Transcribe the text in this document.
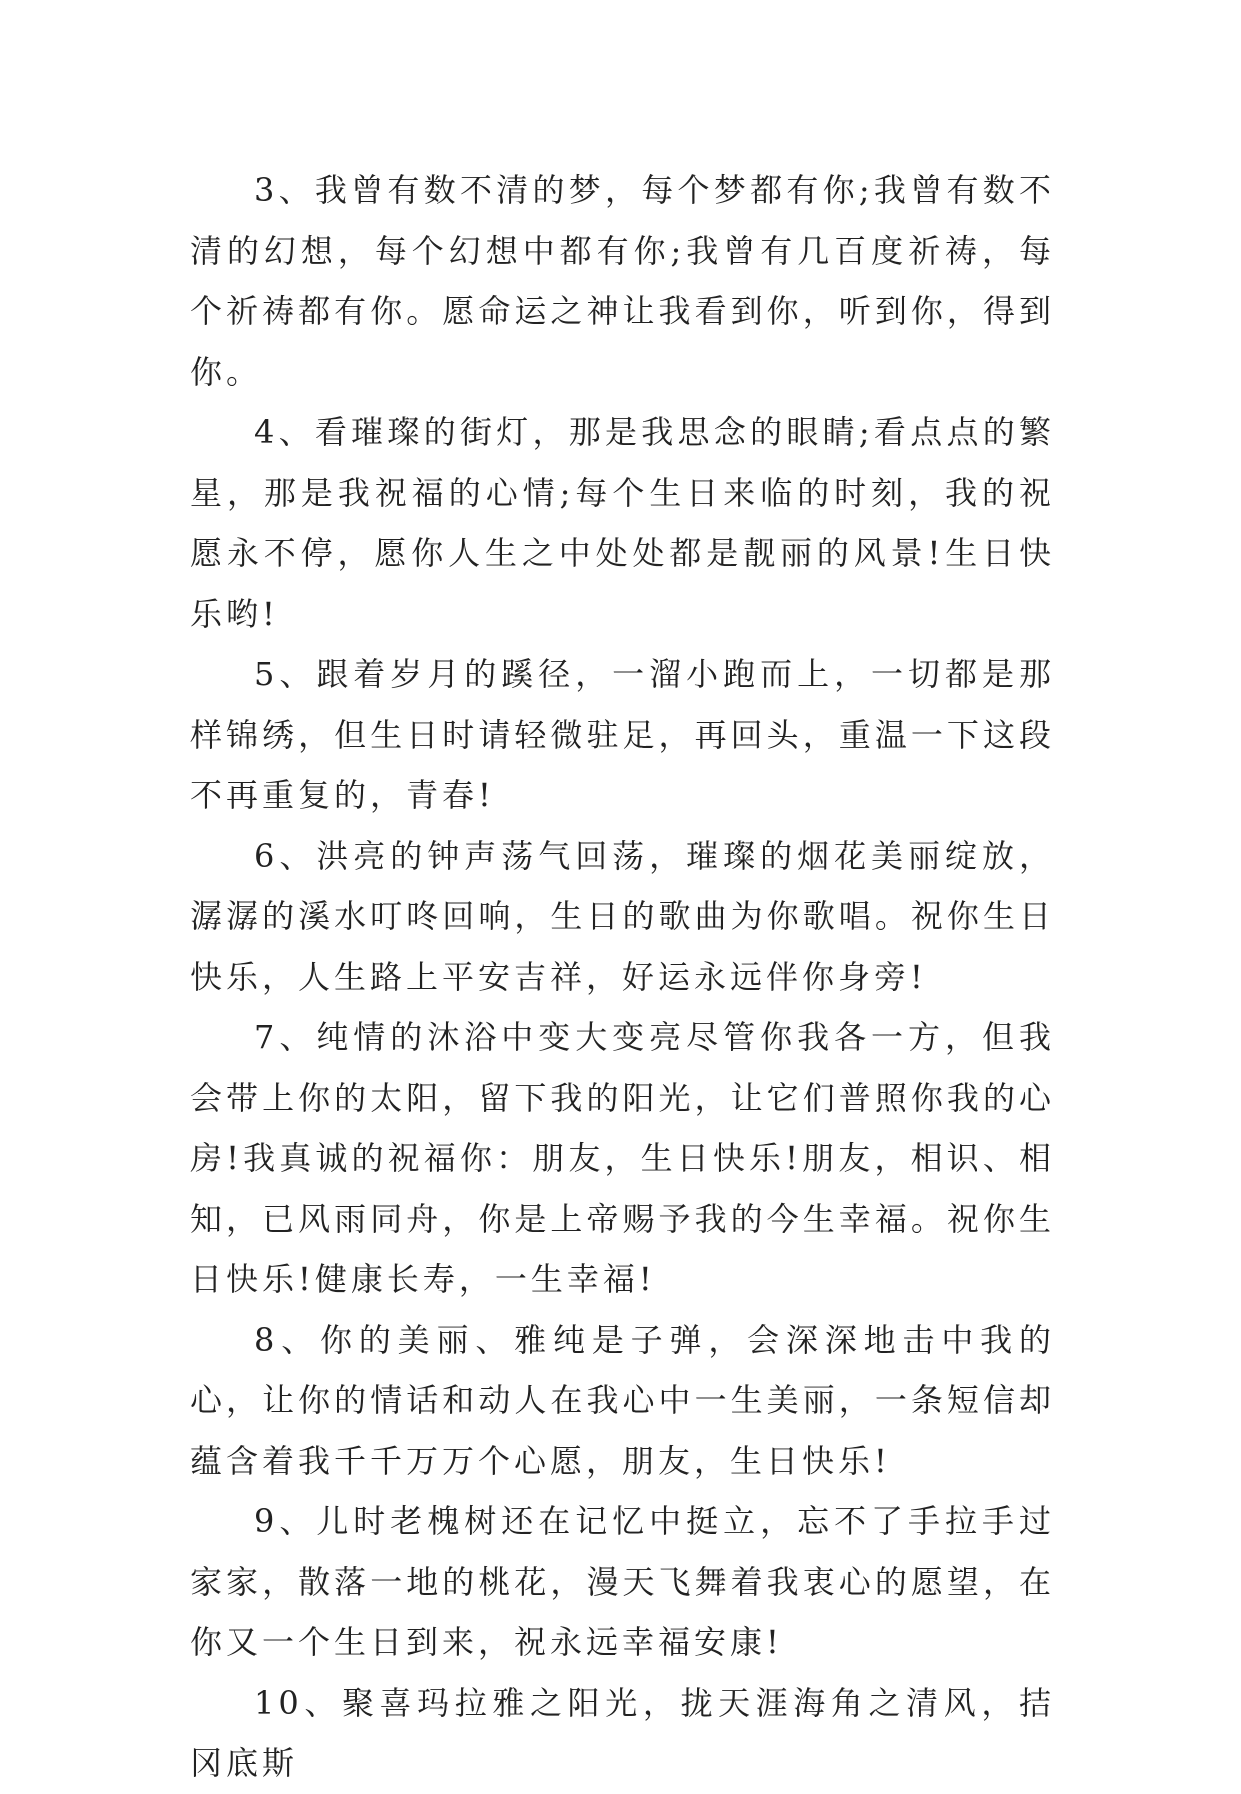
3、我曾有数不清的梦，每个梦都有你;我曾有数不清的幻想，每个幻想中都有你;我曾有几百度祈祷，每个祈祷都有你。愿命运之神让我看到你，听到你，得到你。

4、看璀璨的街灯，那是我思念的眼睛;看点点的繁星，那是我祝福的心情;每个生日来临的时刻，我的祝愿永不停，愿你人生之中处处都是靓丽的风景!生日快乐哟!

5、跟着岁月的蹊径，一溜小跑而上，一切都是那样锦绣，但生日时请轻微驻足，再回头，重温一下这段不再重复的，青春!

6、洪亮的钟声荡气回荡，璀璨的烟花美丽绽放，潺潺的溪水叮咚回响，生日的歌曲为你歌唱。祝你生日快乐，人生路上平安吉祥，好运永远伴你身旁!

7、纯情的沐浴中变大变亮尽管你我各一方，但我会带上你的太阳，留下我的阳光，让它们普照你我的心房!我真诚的祝福你：朋友，生日快乐!朋友，相识、相知，已风雨同舟，你是上帝赐予我的今生幸福。祝你生日快乐!健康长寿，一生幸福!

8、你的美丽、雅纯是子弹，会深深地击中我的心，让你的情话和动人在我心中一生美丽，一条短信却蕴含着我千千万万个心愿，朋友，生日快乐!

9、儿时老槐树还在记忆中挺立，忘不了手拉手过家家，散落一地的桃花，漫天飞舞着我衷心的愿望，在你又一个生日到来，祝永远幸福安康!

10、聚喜玛拉雅之阳光，拢天涯海角之清风，拮冈底斯
